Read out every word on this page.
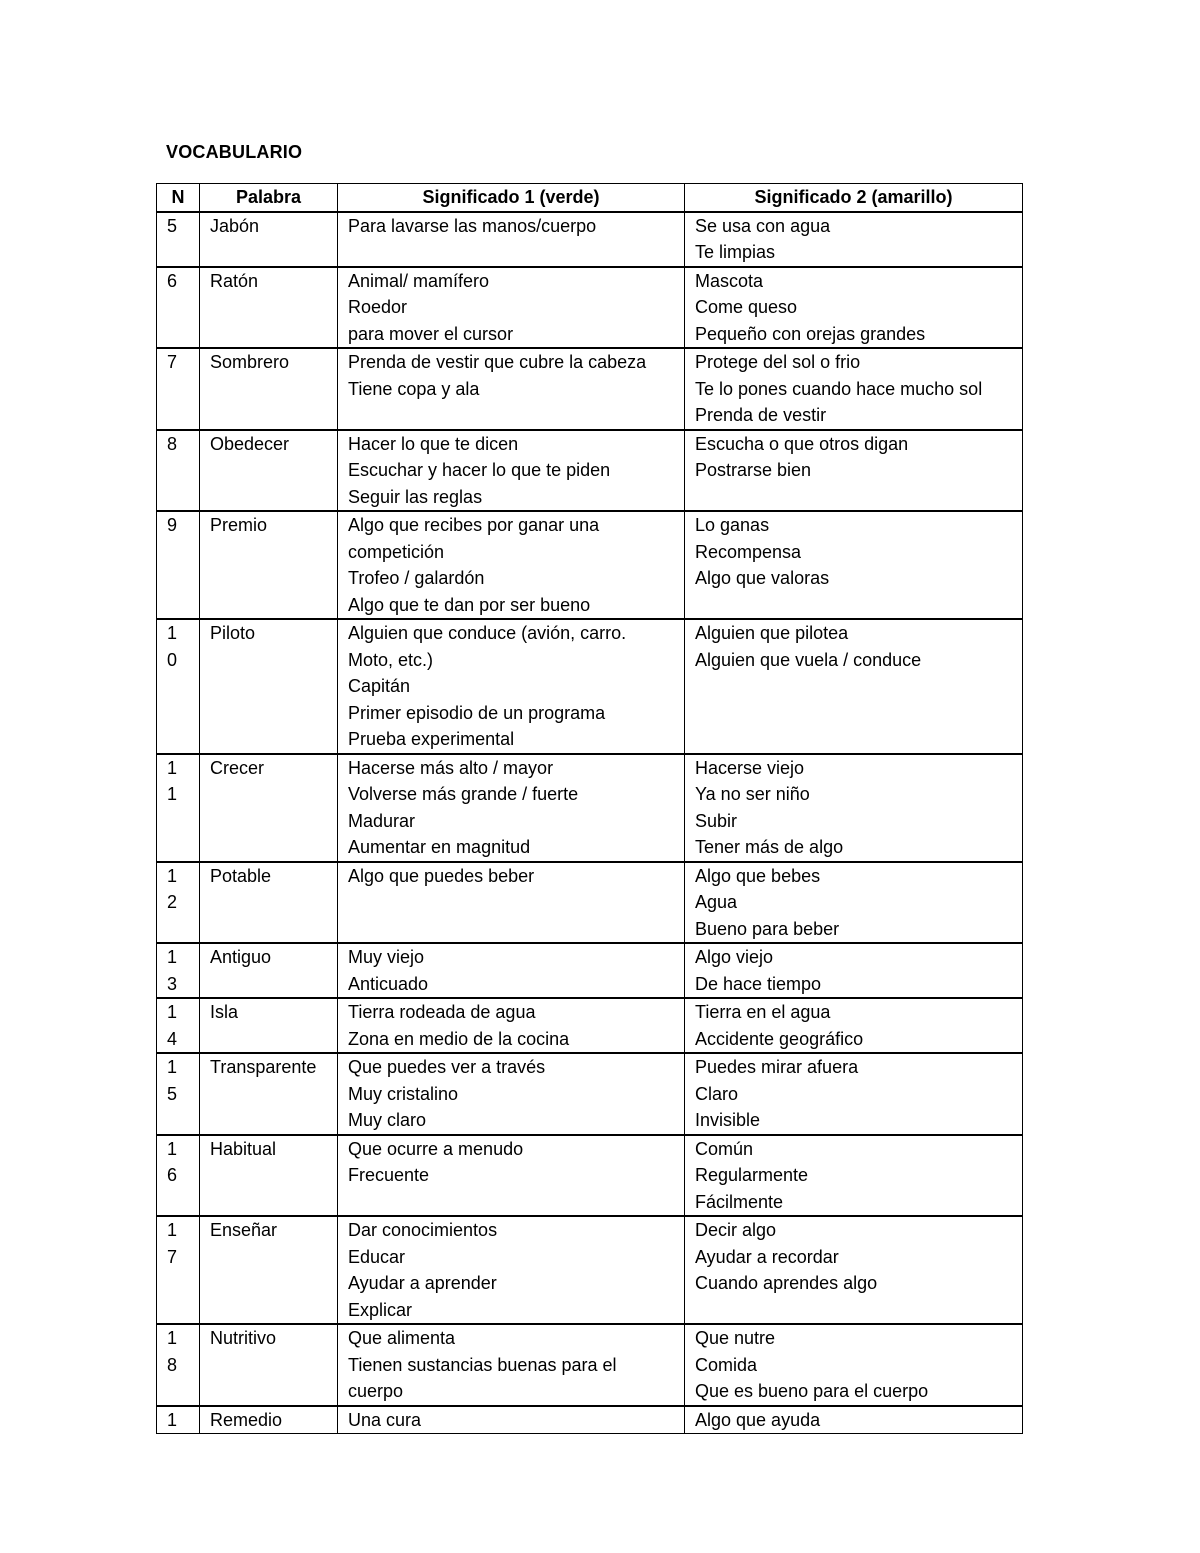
VOCABULARIO
N	Palabra	Significado 1 (verde)	Significado 2 (amarillo)

5	Jabón	Para lavarse las manos/cuerpo	Se usa con agua
Te limpias

6	Ratón	Animal/ mamífero
Roedor
para mover el cursor	Mascota
Come queso
Pequeño con orejas grandes

7	Sombrero	Prenda de vestir que cubre la cabeza
Tiene copa y ala	Protege del sol o frio
Te lo pones cuando hace mucho sol
Prenda de vestir

8	Obedecer	Hacer lo que te dicen
Escuchar y hacer lo que te piden
Seguir las reglas	Escucha o que otros digan
Postrarse bien

9	Premio	Algo que recibes por ganar una
competición
Trofeo / galardón
Algo que te dan por ser bueno	Lo ganas
Recompensa
Algo que valoras

1
0	Piloto	Alguien que conduce (avión, carro.
Moto, etc.)
Capitán
Primer episodio de un programa
Prueba experimental	Alguien que pilotea
Alguien que vuela / conduce

1
1	Crecer	Hacerse más alto / mayor
Volverse más grande / fuerte
Madurar
Aumentar en magnitud	Hacerse viejo
Ya no ser niño
Subir
Tener más de algo

1
2	Potable	Algo que puedes beber	Algo que bebes
Agua
Bueno para beber

1
3	Antiguo	Muy viejo
Anticuado	Algo viejo
De hace tiempo

1
4	Isla	Tierra rodeada de agua
Zona en medio de la cocina	Tierra en el agua
Accidente geográfico

1
5	Transparente	Que puedes ver a través
Muy cristalino
Muy claro	Puedes mirar afuera
Claro
Invisible

1
6	Habitual	Que ocurre a menudo
Frecuente	Común
Regularmente
Fácilmente

1
7	Enseñar	Dar conocimientos
Educar
Ayudar a aprender
Explicar	Decir algo
Ayudar a recordar
Cuando aprendes algo

1
8	Nutritivo	Que alimenta
Tienen sustancias buenas para el
cuerpo	Que nutre
Comida
Que es bueno para el cuerpo

1	Remedio	Una cura	Algo que ayuda
